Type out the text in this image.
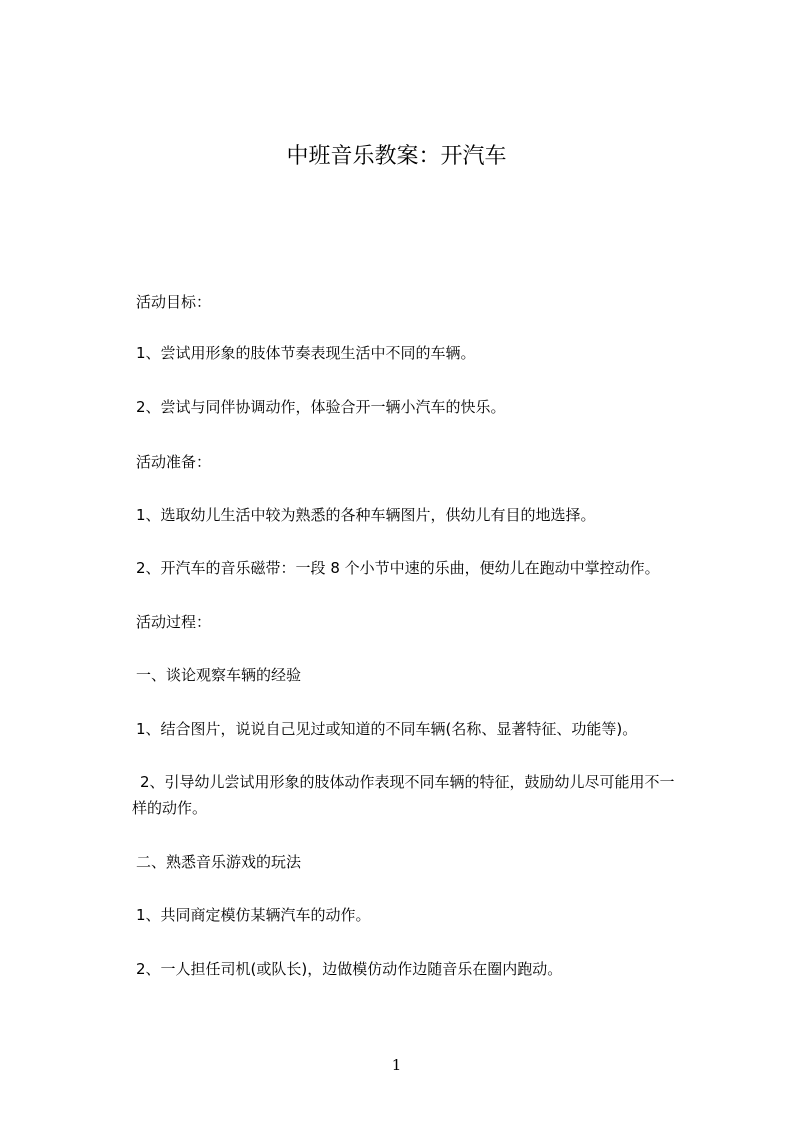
中班音乐教案：开汽车
活动目标：
1、尝试用形象的肢体节奏表现生活中不同的车辆。
2、尝试与同伴协调动作，体验合开一辆小汽车的快乐。
活动准备：
1、选取幼儿生活中较为熟悉的各种车辆图片，供幼儿有目的地选择。
2、开汽车的音乐磁带：一段 8 个小节中速的乐曲，便幼儿在跑动中掌控动作。
活动过程：
一、谈论观察车辆的经验
1、结合图片，说说自己见过或知道的不同车辆(名称、显著特征、功能等)。
2、引导幼儿尝试用形象的肢体动作表现不同车辆的特征，鼓励幼儿尽可能用不一
样的动作。
二、熟悉音乐游戏的玩法
1、共同商定模仿某辆汽车的动作。
2、一人担任司机(或队长)，边做模仿动作边随音乐在圈内跑动。
1
